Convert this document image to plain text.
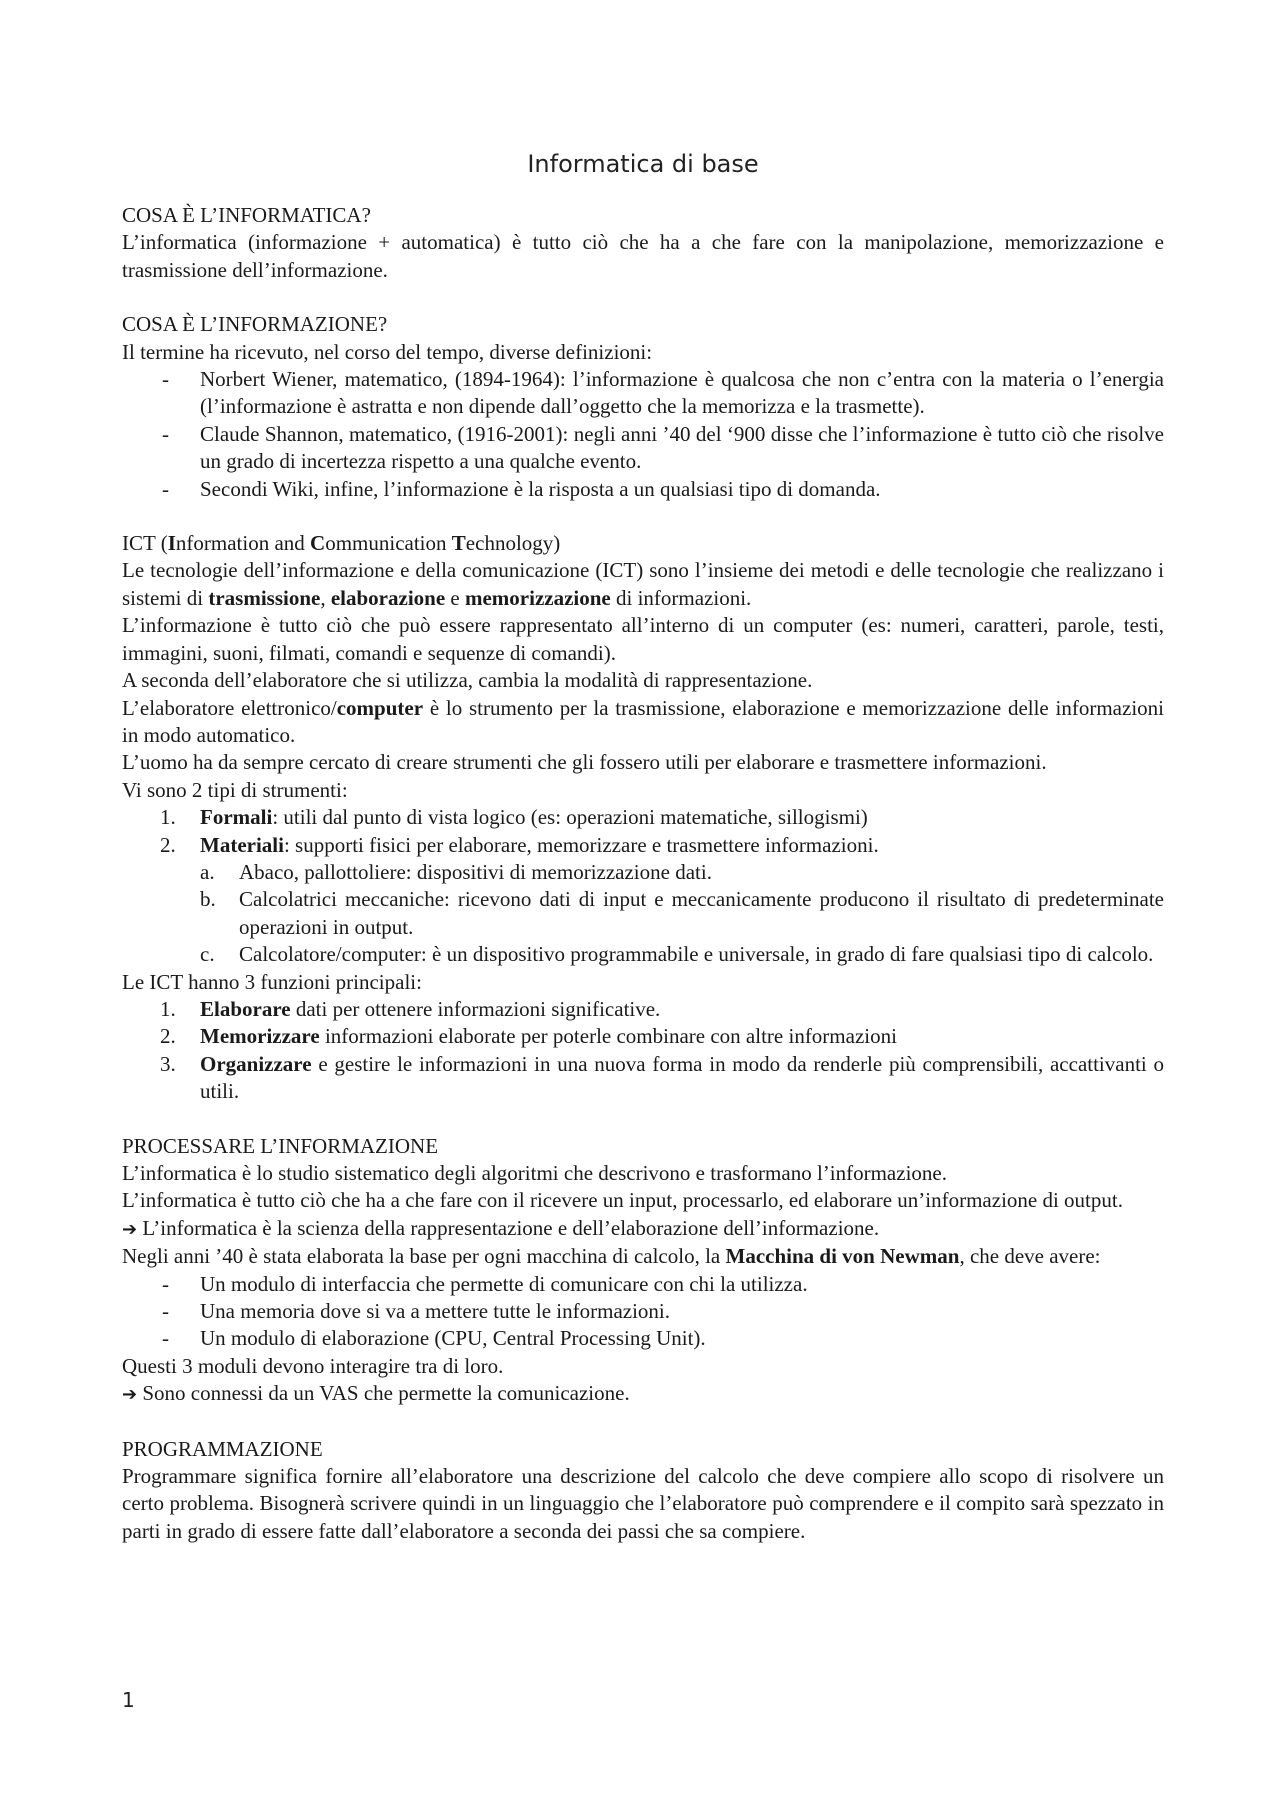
Informatica di base

COSA È L’INFORMATICA?

L’informatica (informazione + automatica) è tutto ciò che ha a che fare con la manipolazione, memorizzazione e trasmissione dell’informazione.

COSA È L’INFORMAZIONE?

Il termine ha ricevuto, nel corso del tempo, diverse definizioni:

- Norbert Wiener, matematico, (1894-1964): l’informazione è qualcosa che non c’entra con la materia o l’energia (l’informazione è astratta e non dipende dall’oggetto che la memorizza e la trasmette).
- Claude Shannon, matematico, (1916-2001): negli anni ’40 del ‘900 disse che l’informazione è tutto ciò che risolve un grado di incertezza rispetto a una qualche evento.
- Secondi Wiki, infine, l’informazione è la risposta a un qualsiasi tipo di domanda.

ICT (Information and Communication Technology)

Le tecnologie dell’informazione e della comunicazione (ICT) sono l’insieme dei metodi e delle tecnologie che realizzano i sistemi di trasmissione, elaborazione e memorizzazione di informazioni.

L’informazione è tutto ciò che può essere rappresentato all’interno di un computer (es: numeri, caratteri, parole, testi, immagini, suoni, filmati, comandi e sequenze di comandi).

A seconda dell’elaboratore che si utilizza, cambia la modalità di rappresentazione.

L’elaboratore elettronico/computer è lo strumento per la trasmissione, elaborazione e memorizzazione delle informazioni in modo automatico.

L’uomo ha da sempre cercato di creare strumenti che gli fossero utili per elaborare e trasmettere informazioni.

Vi sono 2 tipi di strumenti:

1. Formali: utili dal punto di vista logico (es: operazioni matematiche, sillogismi)
2. Materiali: supporti fisici per elaborare, memorizzare e trasmettere informazioni.
a. Abaco, pallottoliere: dispositivi di memorizzazione dati.
b. Calcolatrici meccaniche: ricevono dati di input e meccanicamente producono il risultato di predeterminate operazioni in output.
c. Calcolatore/computer: è un dispositivo programmabile e universale, in grado di fare qualsiasi tipo di calcolo.

Le ICT hanno 3 funzioni principali:

1. Elaborare dati per ottenere informazioni significative.
2. Memorizzare informazioni elaborate per poterle combinare con altre informazioni
3. Organizzare e gestire le informazioni in una nuova forma in modo da renderle più comprensibili, accattivanti o utili.

PROCESSARE L’INFORMAZIONE

L’informatica è lo studio sistematico degli algoritmi che descrivono e trasformano l’informazione.

L’informatica è tutto ciò che ha a che fare con il ricevere un input, processarlo, ed elaborare un’informazione di output.

➔ L’informatica è la scienza della rappresentazione e dell’elaborazione dell’informazione.

Negli anni ’40 è stata elaborata la base per ogni macchina di calcolo, la Macchina di von Newman, che deve avere:

- Un modulo di interfaccia che permette di comunicare con chi la utilizza.
- Una memoria dove si va a mettere tutte le informazioni.
- Un modulo di elaborazione (CPU, Central Processing Unit).

Questi 3 moduli devono interagire tra di loro.

➔ Sono connessi da un VAS che permette la comunicazione.

PROGRAMMAZIONE

Programmare significa fornire all’elaboratore una descrizione del calcolo che deve compiere allo scopo di risolvere un certo problema. Bisognerà scrivere quindi in un linguaggio che l’elaboratore può comprendere e il compito sarà spezzato in parti in grado di essere fatte dall’elaboratore a seconda dei passi che sa compiere.

1
